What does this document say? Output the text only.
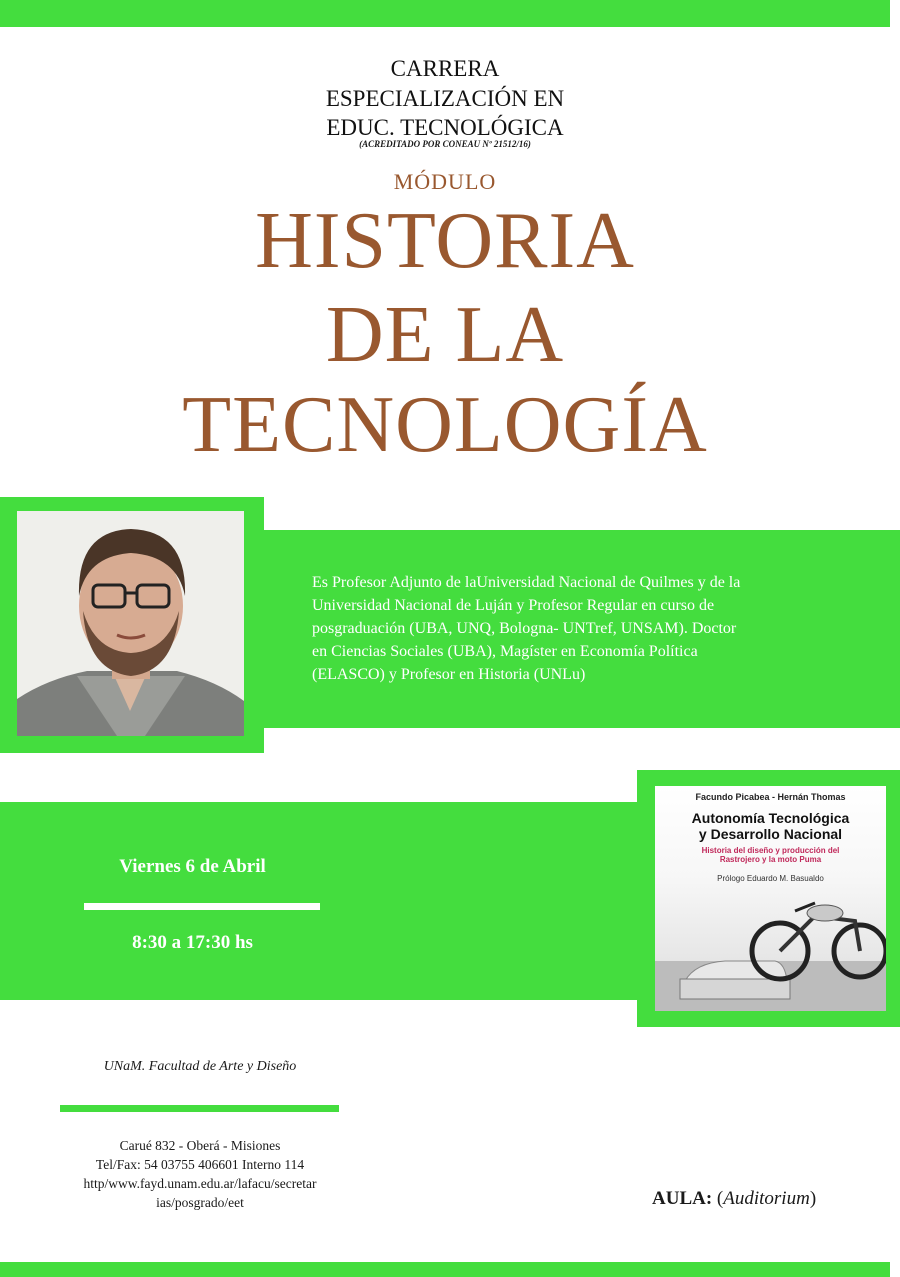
CARRERA
ESPECIALIZACIÓN EN
EDUC. TECNOLÓGICA
(ACREDITADO POR CONEAU Nº 21512/16)
MÓDULO
HISTORIA
DE LA
TECNOLOGÍA
Es Profesor Adjunto de laUniversidad Nacional de Quilmes y de la
Universidad Nacional de Luján y Profesor Regular en curso de
posgraduación (UBA, UNQ, Bologna- UNTref, UNSAM). Doctor
en Ciencias Sociales (UBA), Magíster en Economía Política
(ELASCO) y Profesor en Historia (UNLu)
Viernes 6 de Abril
8:30 a 17:30 hs
Facundo Picabea - Hernán Thomas
Autonomía Tecnológica
y Desarrollo Nacional
Historia del diseño y producción del
Rastrojero y la moto Puma
Prólogo Eduardo M. Basualdo
UNaM. Facultad de Arte y Diseño
Carué 832 - Oberá - Misiones
Tel/Fax: 54 03755 406601 Interno 114
http/www.fayd.unam.edu.ar/lafacu/secretar
ias/posgrado/eet	AULA: (Auditorium)
